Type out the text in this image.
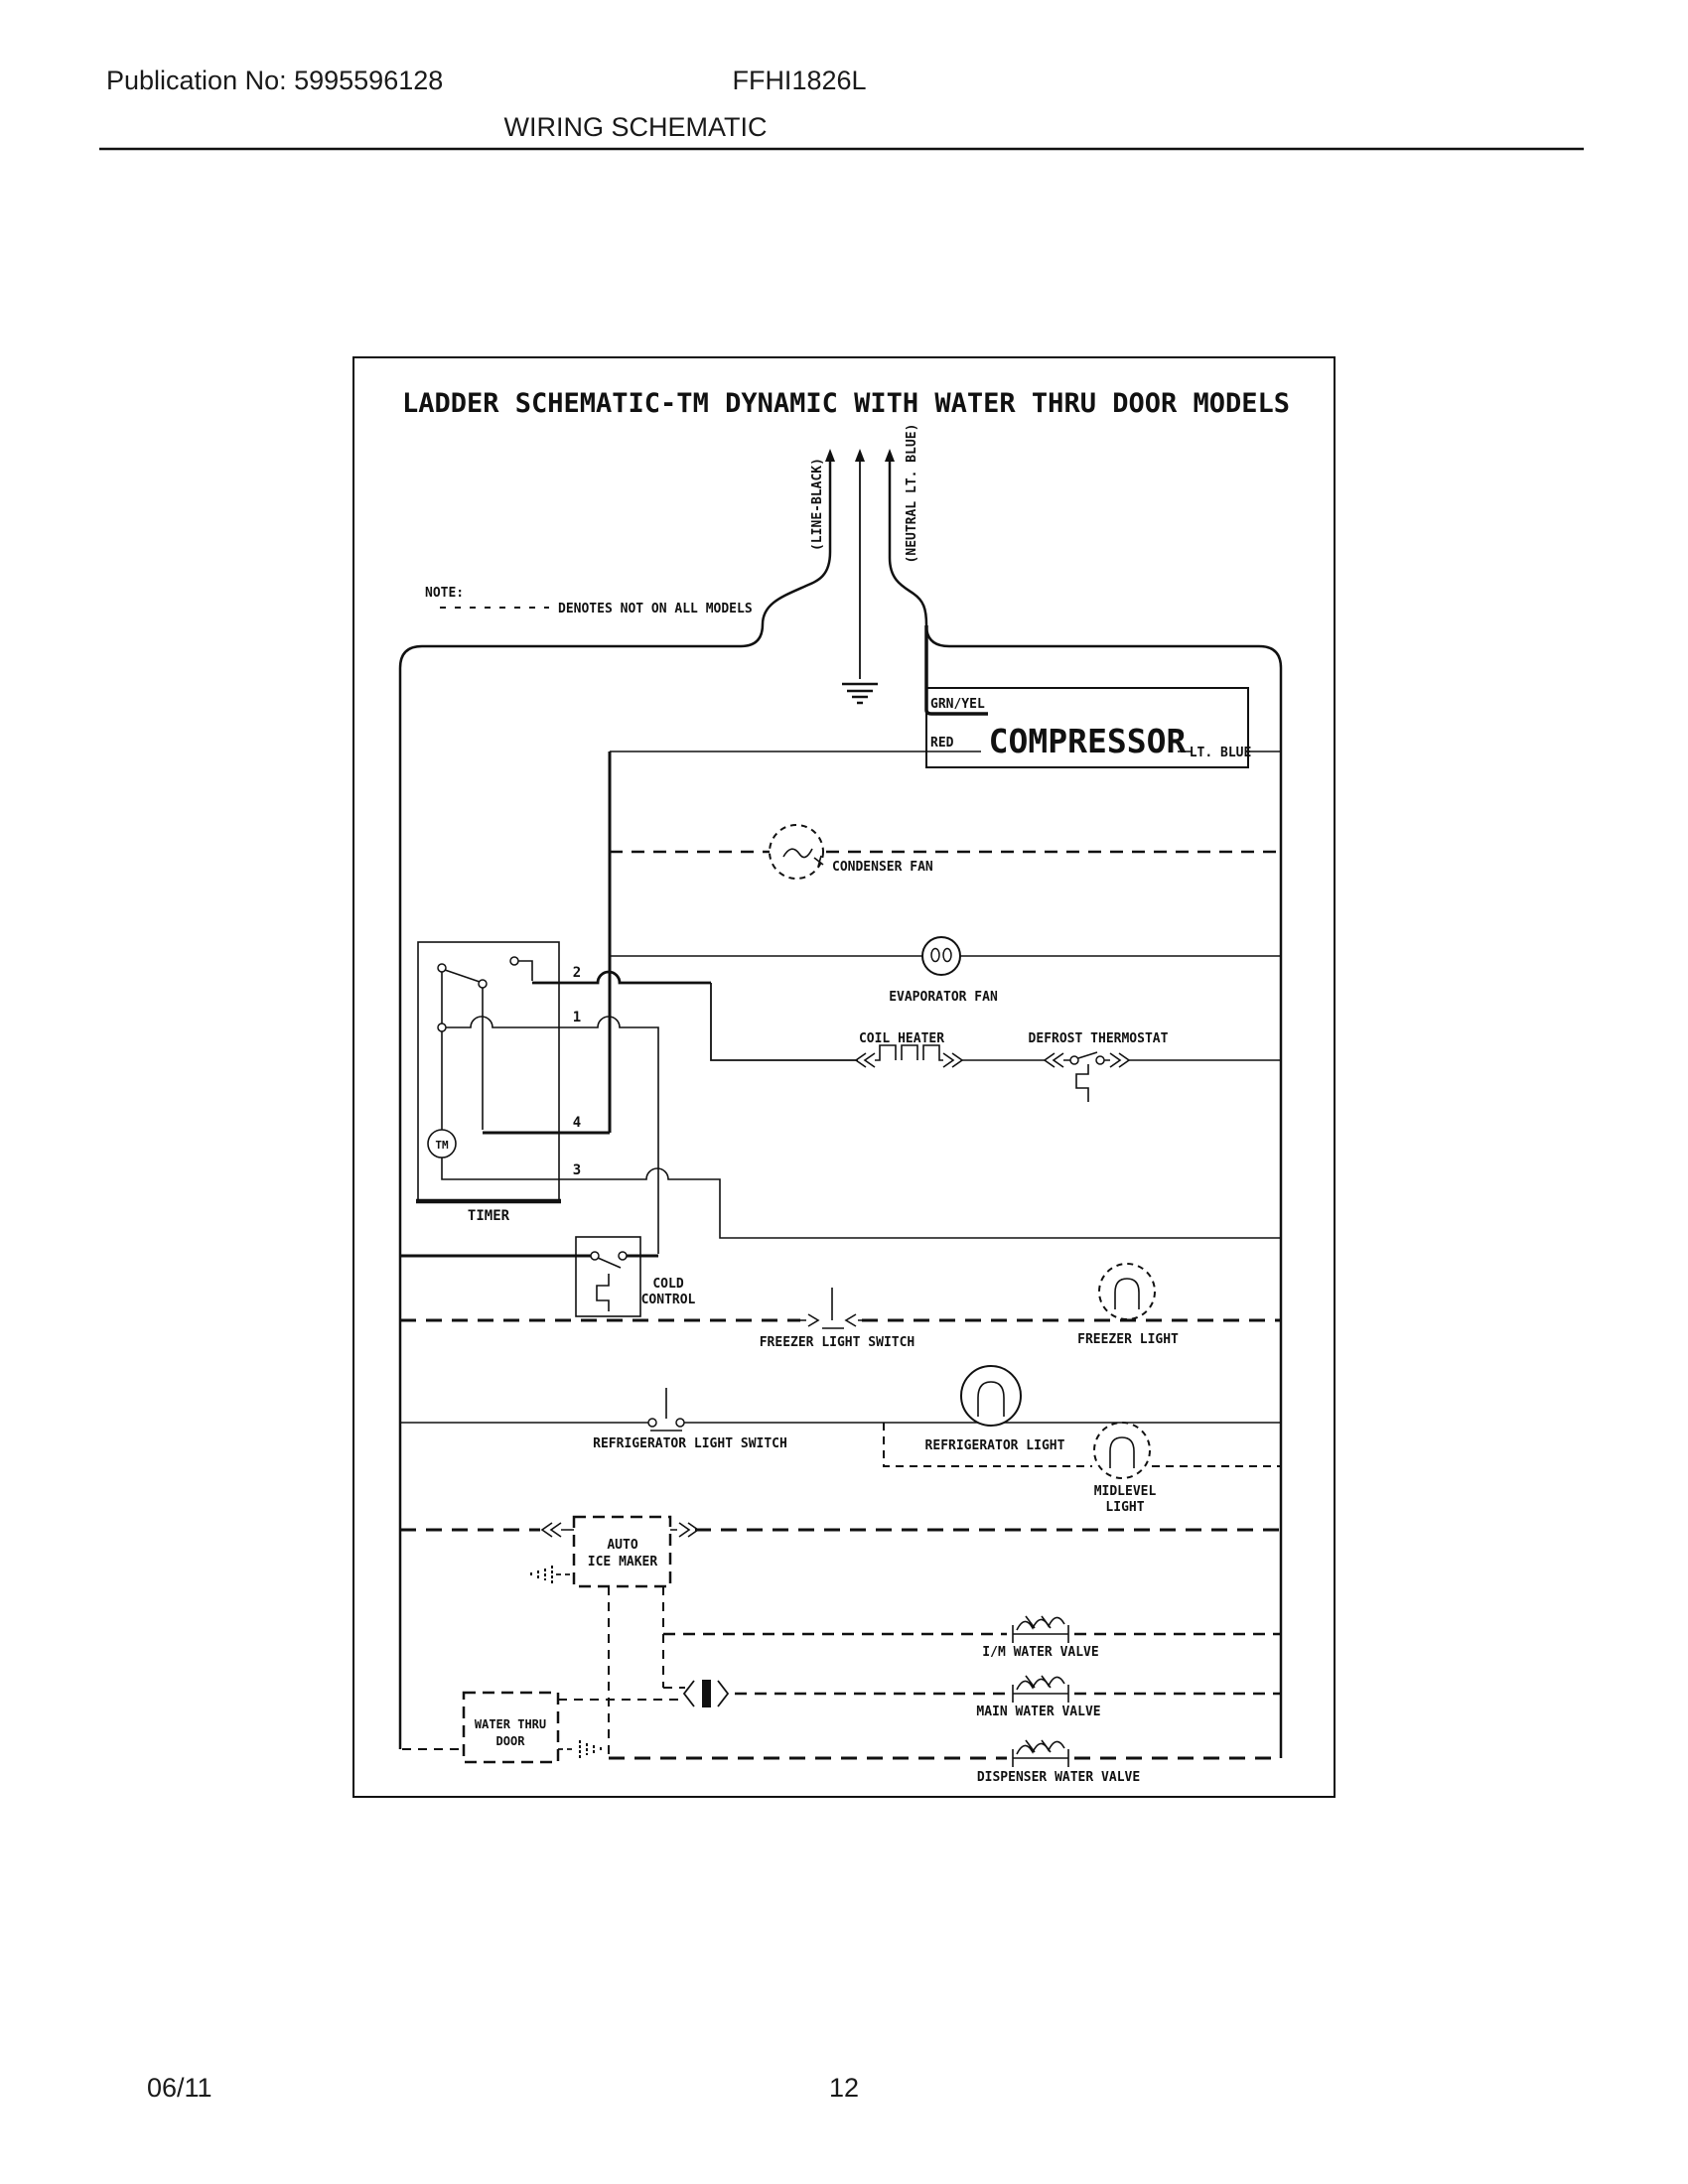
Publication No: 5995596128	FFHI1826L
WIRING SCHEMATIC
LADDER SCHEMATIC-TM DYNAMIC WITH WATER THRU DOOR MODELS
NOTE:
DENOTES NOT ON ALL MODELS
(LINE-BLACK)	(NEUTRAL LT. BLUE)
GRN/YEL
RED COMPRESSOR LT. BLUE
CONDENSER FAN
EVAPORATOR FAN
TIMER
TM
2
1
4
3
COIL HEATER	DEFROST THERMOSTAT
COLD
CONTROL
FREEZER LIGHT SWITCH	FREEZER LIGHT
REFRIGERATOR LIGHT SWITCH	REFRIGERATOR LIGHT
MIDLEVEL
LIGHT
AUTO
ICE MAKER
I/M WATER VALVE
MAIN WATER VALVE
DISPENSER WATER VALVE
WATER THRU
DOOR
06/11	12
